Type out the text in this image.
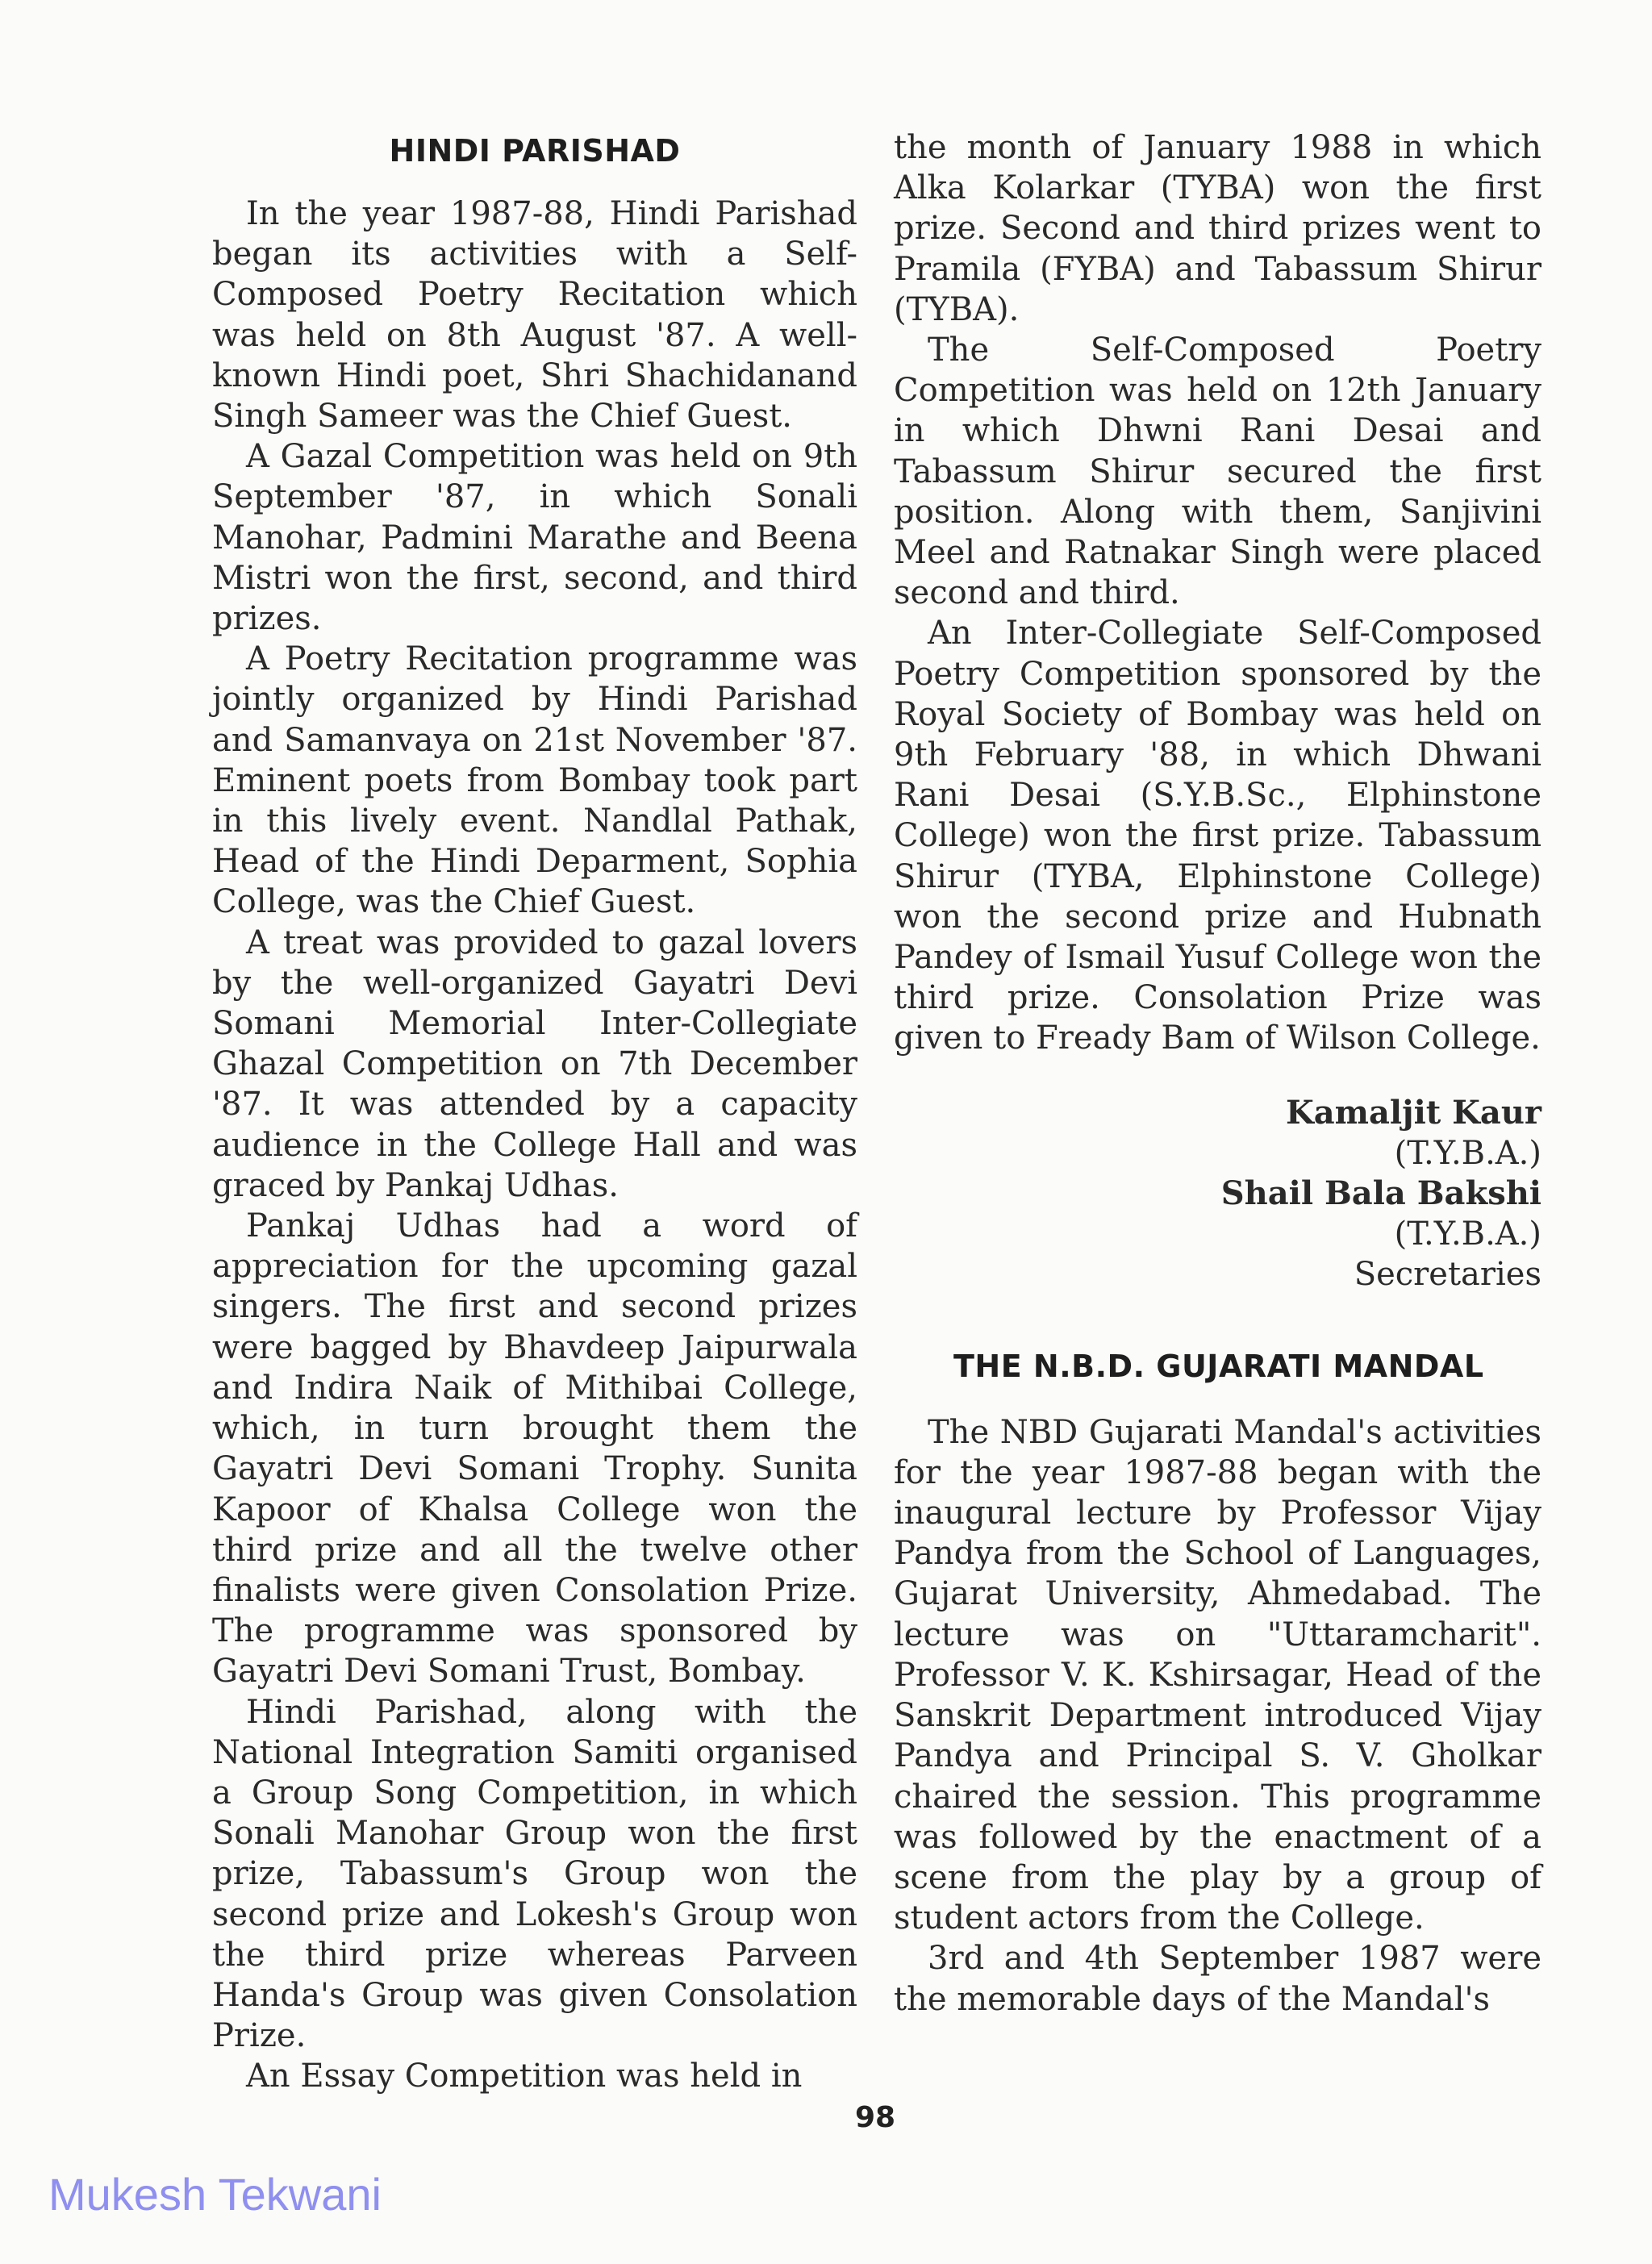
HINDI PARISHAD

In the year 1987-88, Hindi Parishad began its activities with a Self-Composed Poetry Recitation which was held on 8th August '87. A well-known Hindi poet, Shri Shachidanand Singh Sameer was the Chief Guest.

A Gazal Competition was held on 9th September '87, in which Sonali Manohar, Padmini Marathe and Beena Mistri won the first, second, and third prizes.

A Poetry Recitation programme was jointly organized by Hindi Parishad and Samanvaya on 21st November '87. Eminent poets from Bombay took part in this lively event. Nandlal Pathak, Head of the Hindi Deparment, Sophia College, was the Chief Guest.

A treat was provided to gazal lovers by the well-organized Gayatri Devi Somani Memorial Inter-Collegiate Ghazal Competition on 7th December '87. It was attended by a capacity audience in the College Hall and was graced by Pankaj Udhas.

Pankaj Udhas had a word of appreciation for the upcoming gazal singers. The first and second prizes were bagged by Bhavdeep Jaipurwala and Indira Naik of Mithibai College, which, in turn brought them the Gayatri Devi Somani Trophy. Sunita Kapoor of Khalsa College won the third prize and all the twelve other finalists were given Consolation Prize. The programme was sponsored by Gayatri Devi Somani Trust, Bombay.

Hindi Parishad, along with the National Integration Samiti organised a Group Song Competition, in which Sonali Manohar Group won the first prize, Tabassum's Group won the second prize and Lokesh's Group won the third prize whereas Parveen Handa's Group was given Consolation Prize.

An Essay Competition was held in

the month of January 1988 in which Alka Kolarkar (TYBA) won the first prize. Second and third prizes went to Pramila (FYBA) and Tabassum Shirur (TYBA).

The Self-Composed Poetry Competition was held on 12th January in which Dhwni Rani Desai and Tabassum Shirur secured the first position. Along with them, Sanjivini Meel and Ratnakar Singh were placed second and third.

An Inter-Collegiate Self-Composed Poetry Competition sponsored by the Royal Society of Bombay was held on 9th February '88, in which Dhwani Rani Desai (S.Y.B.Sc., Elphinstone College) won the first prize. Tabassum Shirur (TYBA, Elphinstone College) won the second prize and Hubnath Pandey of Ismail Yusuf College won the third prize. Consolation Prize was given to Fready Bam of Wilson College.

Kamaljit Kaur
(T.Y.B.A.)
Shail Bala Bakshi
(T.Y.B.A.)
Secretaries
THE N.B.D. GUJARATI MANDAL

The NBD Gujarati Mandal's activities for the year 1987-88 began with the inaugural lecture by Professor Vijay Pandya from the School of Languages, Gujarat University, Ahmedabad. The lecture was on "Uttaramcharit". Professor V. K. Kshirsagar, Head of the Sanskrit Department introduced Vijay Pandya and Principal S. V. Gholkar chaired the session. This programme was followed by the enactment of a scene from the play by a group of student actors from the College.

3rd and 4th September 1987 were the memorable days of the Mandal's

98
Mukesh Tekwani
